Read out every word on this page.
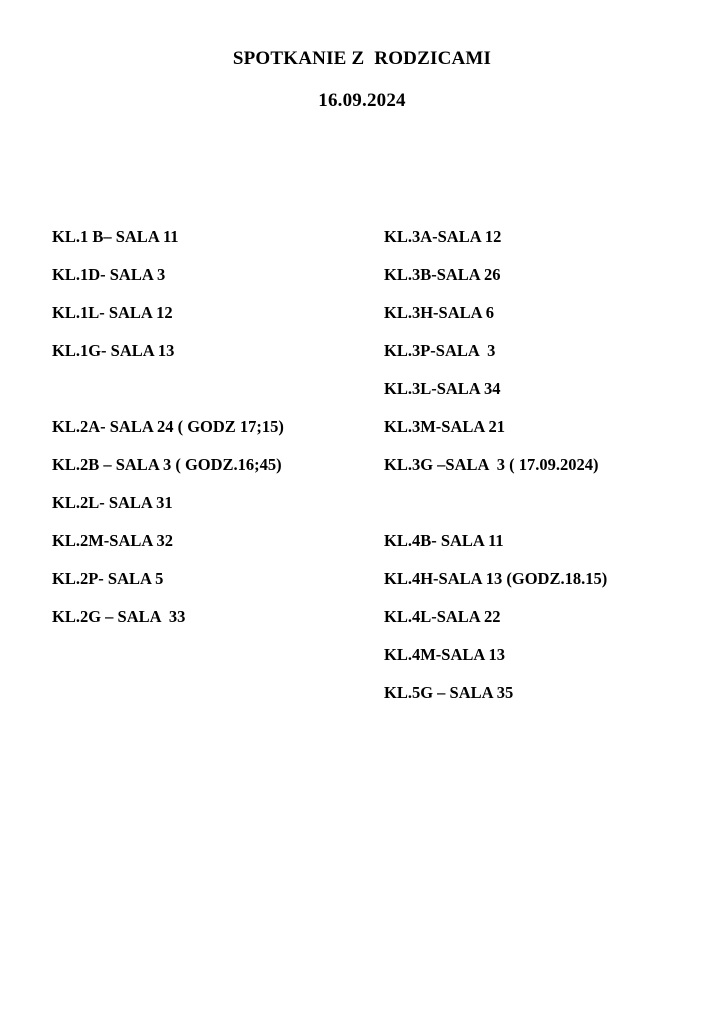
SPOTKANIE Z  RODZICAMI
16.09.2024
KL.1 B– SALA 11
KL.1D- SALA 3
KL.1L- SALA 12
KL.1G- SALA 13
KL.2A- SALA 24 ( GODZ 17;15)
KL.2B – SALA 3 ( GODZ.16;45)
KL.2L- SALA 31
KL.2M-SALA 32
KL.2P- SALA 5
KL.2G – SALA  33
KL.3A-SALA 12
KL.3B-SALA 26
KL.3H-SALA 6
KL.3P-SALA  3
KL.3L-SALA 34
KL.3M-SALA 21
KL.3G –SALA  3 ( 17.09.2024)
KL.4B- SALA 11
KL.4H-SALA 13 (GODZ.18.15)
KL.4L-SALA 22
KL.4M-SALA 13
KL.5G – SALA 35
